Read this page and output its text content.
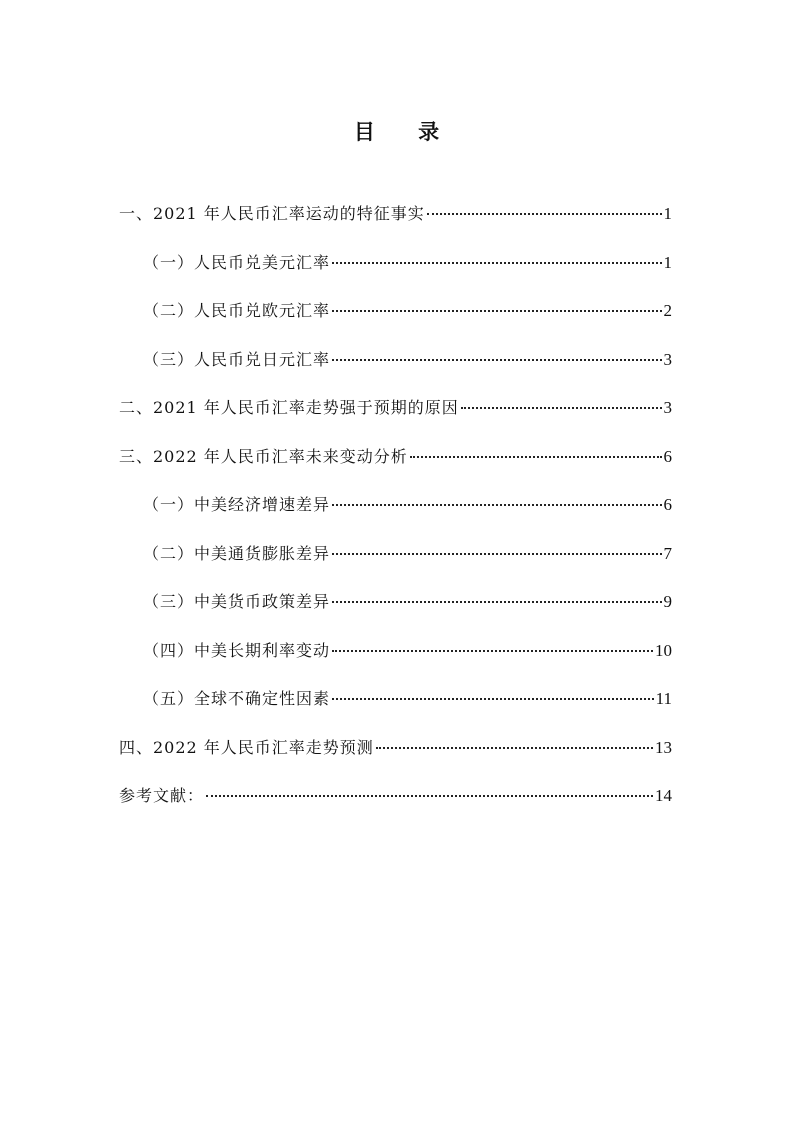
目 录
一、2021 年人民币汇率运动的特征事实	1
（一）人民币兑美元汇率	1
（二）人民币兑欧元汇率	2
（三）人民币兑日元汇率	3
二、2021 年人民币汇率走势强于预期的原因	3
三、2022 年人民币汇率未来变动分析	6
（一）中美经济增速差异	6
（二）中美通货膨胀差异	7
（三）中美货币政策差异	9
（四）中美长期利率变动	10
（五）全球不确定性因素	11
四、2022 年人民币汇率走势预测	13
参考文献：	14
